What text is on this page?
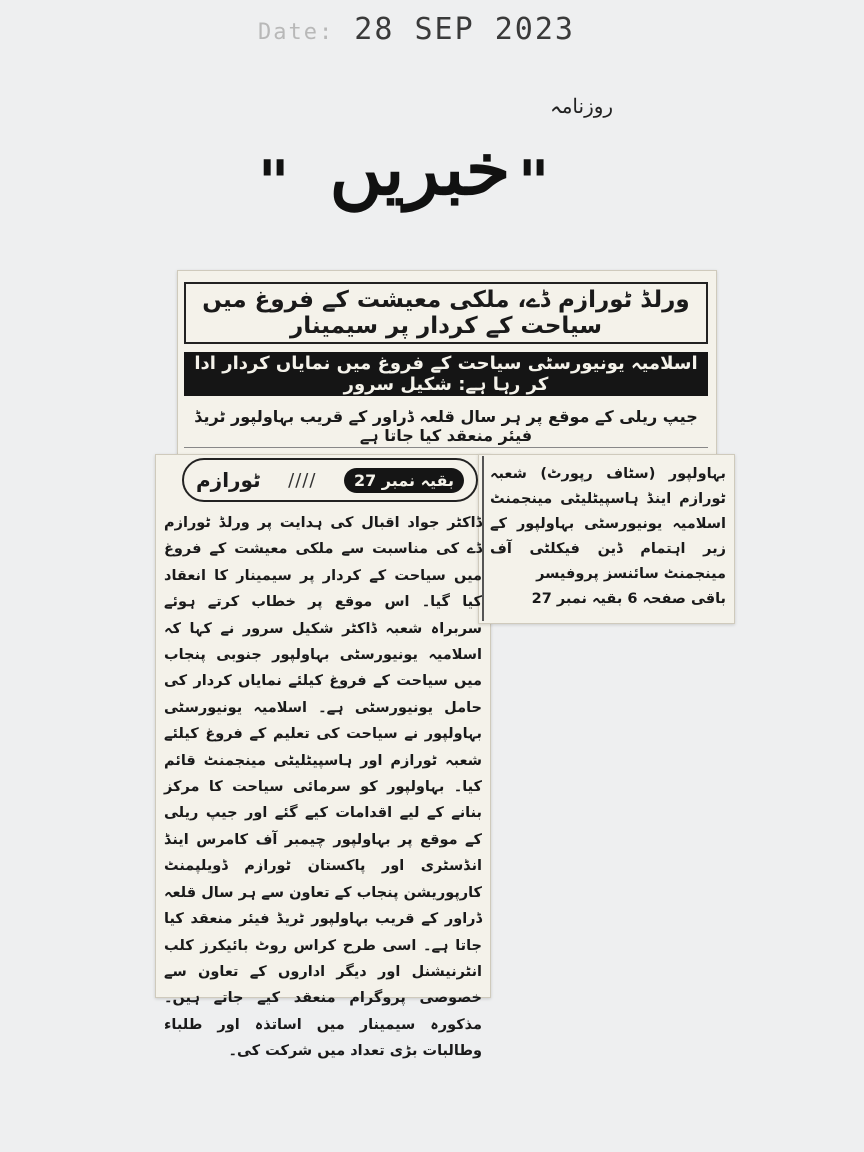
Date: 28 SEP 2023
روزنامہ
"
خبریں
"
ورلڈ ٹورازم ڈے، ملکی معیشت کے فروغ میں سیاحت کے کردار پر سیمینار
اسلامیہ یونیورسٹی سیاحت کے فروغ میں نمایاں کردار ادا کر رہا ہے: شکیل سرور
جیپ ریلی کے موقع پر ہر سال قلعہ ڈراور کے قریب بہاولپور ٹریڈ فیئر منعقد کیا جاتا ہے

بہاولپور (سٹاف رپورٹ) شعبہ ٹورازم اینڈ ہاسپیٹلیٹی مینجمنٹ اسلامیہ یونیورسٹی بہاولپور کے زیر اہتمام ڈین فیکلٹی آف مینجمنٹ سائنسز پروفیسر

باقی صفحہ 6 بقیہ نمبر 27

بقیہ نمبر 27
////
ٹورازم

ڈاکٹر جواد اقبال کی ہدایت پر ورلڈ ٹورازم ڈے کی مناسبت سے ملکی معیشت کے فروغ میں سیاحت کے کردار پر سیمینار کا انعقاد کیا گیا۔ اس موقع پر خطاب کرتے ہوئے سربراہ شعبہ ڈاکٹر شکیل سرور نے کہا کہ اسلامیہ یونیورسٹی بہاولپور جنوبی پنجاب میں سیاحت کے فروغ کیلئے نمایاں کردار کی حامل یونیورسٹی ہے۔ اسلامیہ یونیورسٹی بہاولپور نے سیاحت کی تعلیم کے فروغ کیلئے شعبہ ٹورازم اور ہاسپیٹلیٹی مینجمنٹ قائم کیا۔ بہاولپور کو سرمائی سیاحت کا مرکز بنانے کے لیے اقدامات کیے گئے اور جیپ ریلی کے موقع پر بہاولپور چیمبر آف کامرس اینڈ انڈسٹری اور پاکستان ٹورازم ڈویلپمنٹ کارپوریشن پنجاب کے تعاون سے ہر سال قلعہ ڈراور کے قریب بہاولپور ٹریڈ فیئر منعقد کیا جاتا ہے۔ اسی طرح کراس روٹ بائیکرز کلب انٹرنیشنل اور دیگر اداروں کے تعاون سے خصوصی پروگرام منعقد کیے جاتے ہیں۔ مذکورہ سیمینار میں اساتذہ اور طلباء وطالبات بڑی تعداد میں شرکت کی۔
